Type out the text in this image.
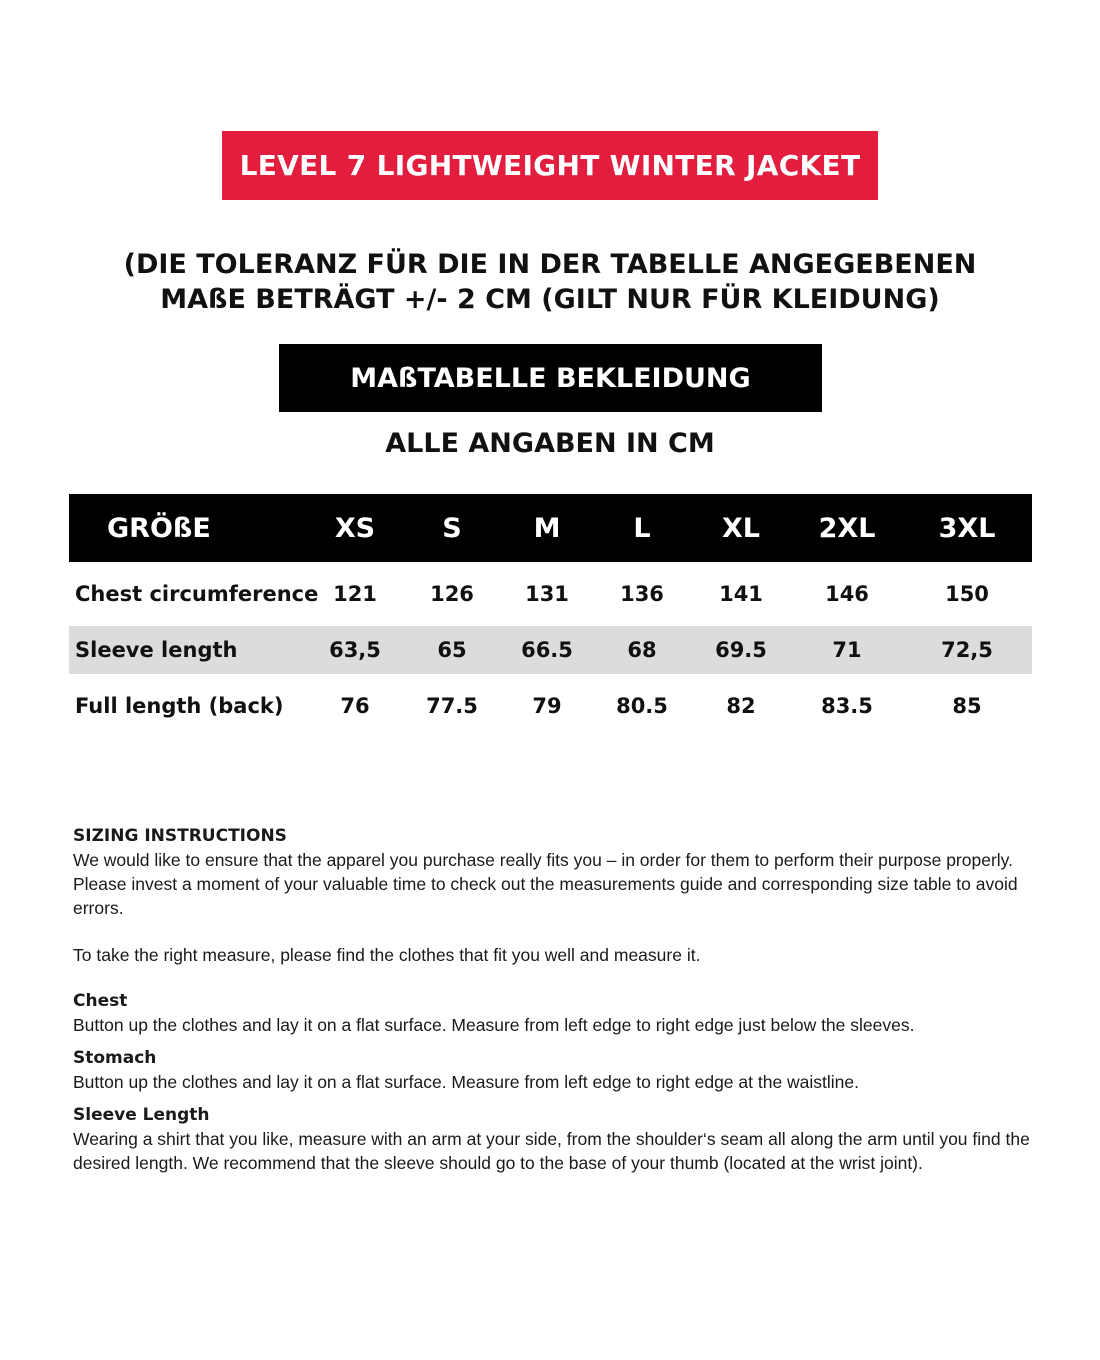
LEVEL 7 LIGHTWEIGHT WINTER JACKET
(DIE TOLERANZ FÜR DIE IN DER TABELLE ANGEGEBENEN
MAßE BETRÄGT +/- 2 CM (GILT NUR FÜR KLEIDUNG)
MAßTABELLE BEKLEIDUNG
ALLE ANGABEN IN CM
GRÖßE	XS	S	M	L	XL	2XL	3XL
Chest circumference 121	126	131	136	141	146	150
Sleeve length	63,5	65	66.5	68	69.5	71	72,5
Full length (back)	76	77.5	79	80.5	82	83.5	85

SIZING INSTRUCTIONS

We would like to ensure that the apparel you purchase really fits you – in order for them to perform their purpose properly. Please invest a moment of your valuable time to check out the measurements guide and corresponding size table to avoid errors.

To take the right measure, please find the clothes that fit you well and measure it.

Chest

Button up the clothes and lay it on a flat surface. Measure from left edge to right edge just below the sleeves.

Stomach

Button up the clothes and lay it on a flat surface. Measure from left edge to right edge at the waistline.

Sleeve Length

Wearing a shirt that you like, measure with an arm at your side, from the shoulder‘s seam all along the arm until you find the desired length. We recommend that the sleeve should go to the base of your thumb (located at the wrist joint).
